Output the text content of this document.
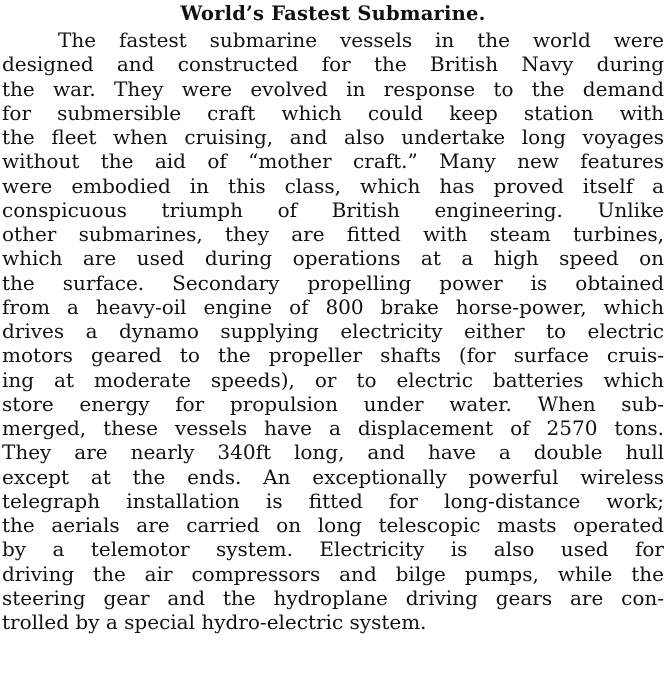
World’s Fastest Submarine.
The fastest submarine vessels in the world were
designed and constructed for the British Navy during
the war. They were evolved in response to the demand
for submersible craft which could keep station with
the fleet when cruising, and also undertake long voyages
without the aid of “mother craft.” Many new features
were embodied in this class, which has proved itself a
conspicuous triumph of British engineering. Unlike
other submarines, they are fitted with steam turbines,
which are used during operations at a high speed on
the surface. Secondary propelling power is obtained
from a heavy-oil engine of 800 brake horse-power, which
drives a dynamo supplying electricity either to electric
motors geared to the propeller shafts (for surface cruis-
ing at moderate speeds), or to electric batteries which
store energy for propulsion under water. When sub-
merged, these vessels have a displacement of 2570 tons.
They are nearly 340ft long, and have a double hull
except at the ends. An exceptionally powerful wireless
telegraph installation is fitted for long-distance work;
the aerials are carried on long telescopic masts operated
by a telemotor system. Electricity is also used for
driving the air compressors and bilge pumps, while the
steering gear and the hydroplane driving gears are con-
trolled by a special hydro-electric system.
